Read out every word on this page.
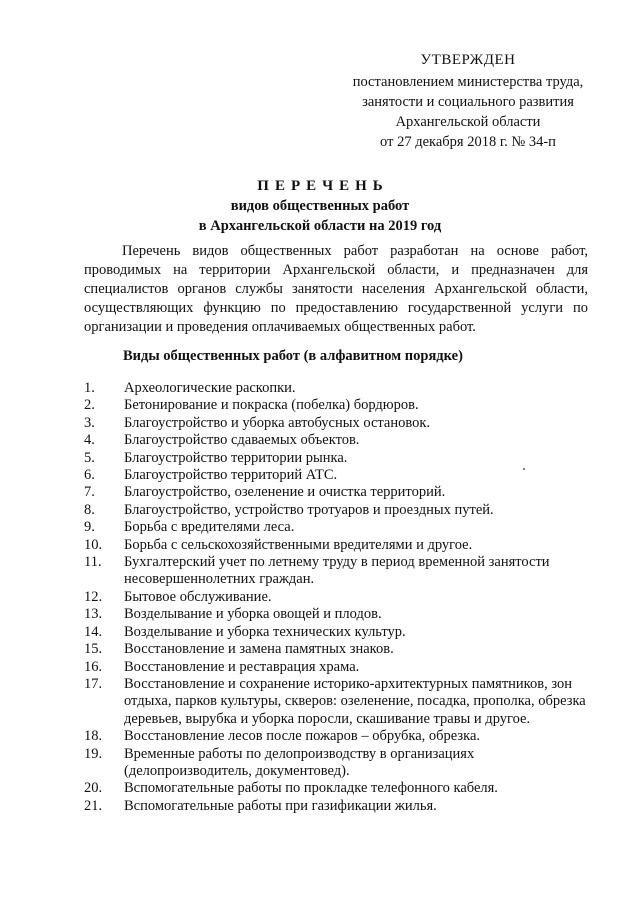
УТВЕРЖДЕН
постановлением министерства труда,
занятости и социального развития
Архангельской области
от 27 декабря 2018 г. № 34-п
ПЕРЕЧЕНЬ
видов общественных работ
в Архангельской области на 2019 год

Перечень видов общественных работ разработан на основе работ, проводимых на территории Архангельской области, и предназначен для специалистов органов службы занятости населения Архангельской области, осуществляющих функцию по предоставлению государственной услуги по организации и проведения оплачиваемых общественных работ.

Виды общественных работ (в алфавитном порядке)
1.	Археологические раскопки.
2.	Бетонирование и покраска (побелка) бордюров.
3.	Благоустройство и уборка автобусных остановок.
4.	Благоустройство сдаваемых объектов.
5.	Благоустройство территории рынка.
6.	Благоустройство территорий АТС.
7.	Благоустройство, озеленение и очистка территорий.
8.	Благоустройство, устройство тротуаров и проездных путей.
9.	Борьба с вредителями леса.
10.	Борьба с сельскохозяйственными вредителями и другое.
11.	Бухгалтерский учет по летнему труду в период временной занятости несовершеннолетних граждан.
12.	Бытовое обслуживание.
13.	Возделывание и уборка овощей и плодов.
14.	Возделывание и уборка технических культур.
15.	Восстановление и замена памятных знаков.
16.	Восстановление и реставрация храма.
17.	Восстановление и сохранение историко-архитектурных памятников, зон отдыха, парков культуры, скверов: озеленение, посадка, прополка, обрезка деревьев, вырубка и уборка поросли, скашивание травы и другое.
18.	Восстановление лесов после пожаров – обрубка, обрезка.
19.	Временные работы по делопроизводству в организациях (делопроизводитель, документовед).
20.	Вспомогательные работы по прокладке телефонного кабеля.
21.	Вспомогательные работы при газификации жилья.
